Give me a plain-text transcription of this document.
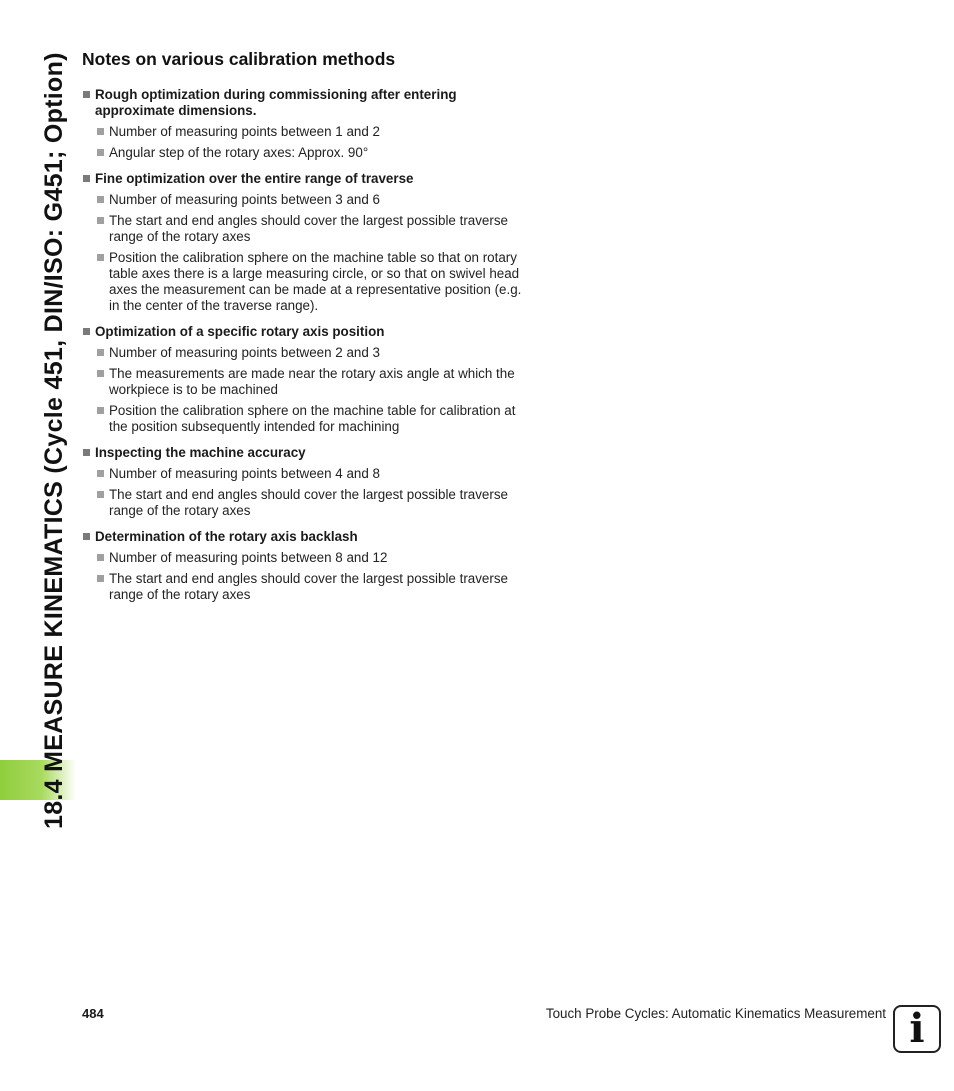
18.4 MEASURE KINEMATICS (Cycle 451, DIN/ISO: G451; Option) Notes on various calibration methods
Rough optimization during commissioning after entering approximate dimensions.
Number of measuring points between 1 and 2
Angular step of the rotary axes: Approx. 90°
Fine optimization over the entire range of traverse
Number of measuring points between 3 and 6
The start and end angles should cover the largest possible traverse range of the rotary axes
Position the calibration sphere on the machine table so that on rotary table axes there is a large measuring circle, or so that on swivel head axes the measurement can be made at a representative position (e.g. in the center of the traverse range).
Optimization of a specific rotary axis position
Number of measuring points between 2 and 3
The measurements are made near the rotary axis angle at which the workpiece is to be machined
Position the calibration sphere on the machine table for calibration at the position subsequently intended for machining
Inspecting the machine accuracy
Number of measuring points between 4 and 8
The start and end angles should cover the largest possible traverse range of the rotary axes
Determination of the rotary axis backlash
Number of measuring points between 8 and 12
The start and end angles should cover the largest possible traverse range of the rotary axes
484	Touch Probe Cycles: Automatic Kinematics Measurement i
